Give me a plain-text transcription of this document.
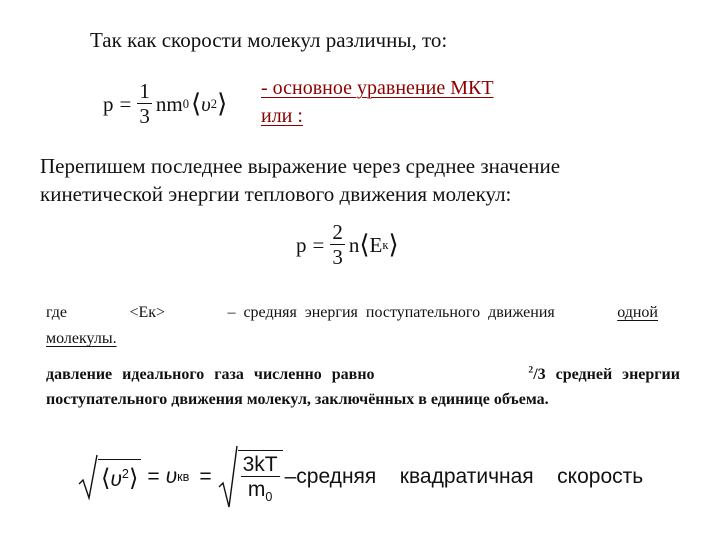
Так как скорости молекул различны, то:
$p = \frac{1}{3}$ nm 0 ⟨ υ 2 ⟩
- основное уравнение МКТ
или :
Перепишем последнее выражение через среднее значение
кинетической энергии теплового движения молекул:
$p = \frac{2}{3}$ n ⟨ E к ⟩
где	<Ек>	– средняя энергия поступательного движения	одной
молекулы.
давление идеального газа численно равно	$^2$/3 средней энергии
поступательного движения молекул, заключённых в единице объема.
$⟨\upsilon^2⟩ = \upsilon$ кв = $\frac{3kT}{m_0}$ –средняя   квадратичная   скорость
